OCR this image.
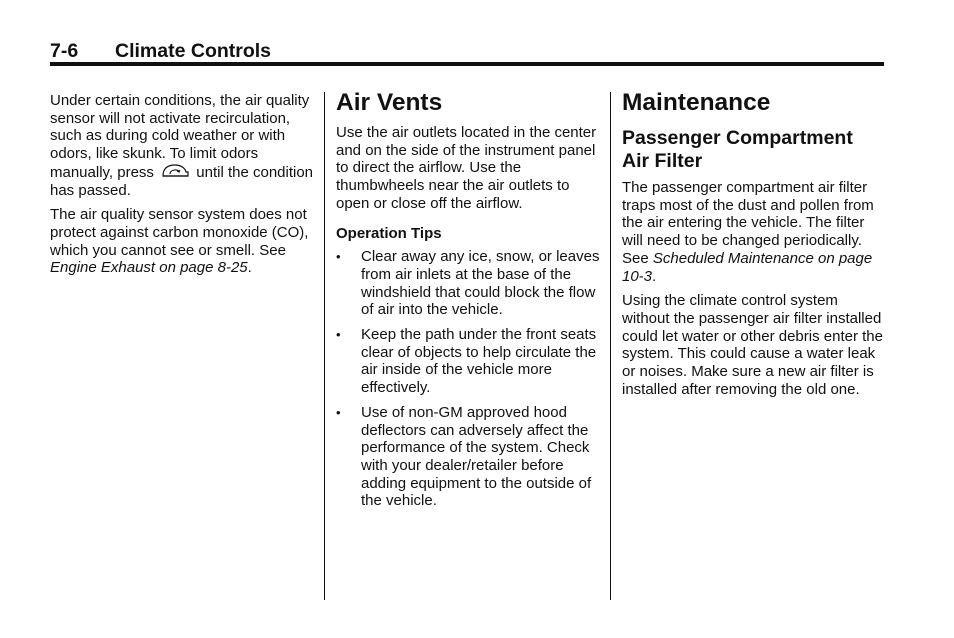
7-6 Climate Controls

Under certain conditions, the air quality sensor will not activate recirculation, such as during cold weather or with odors, like skunk. To limit odors manually, press	until the condition has passed.

The air quality sensor system does not protect against carbon monoxide (CO), which you cannot see or smell. See Engine Exhaust on page 8-25.

Air Vents

Use the air outlets located in the center and on the side of the instrument panel to direct the airflow. Use the thumbwheels near the air outlets to open or close off the airflow.

Operation Tips
• Clear away any ice, snow, or leaves from air inlets at the base of the windshield that could block the flow of air into the vehicle.
• Keep the path under the front seats clear of objects to help circulate the air inside of the vehicle more effectively.
• Use of non-GM approved hood deflectors can adversely affect the performance of the system. Check with your dealer/retailer before adding equipment to the outside of the vehicle.
Maintenance
Passenger Compartment Air Filter

The passenger compartment air filter traps most of the dust and pollen from the air entering the vehicle. The filter will need to be changed periodically. See Scheduled Maintenance on page 10-3.

Using the climate control system without the passenger air filter installed could let water or other debris enter the system. This could cause a water leak or noises. Make sure a new air filter is installed after removing the old one.
